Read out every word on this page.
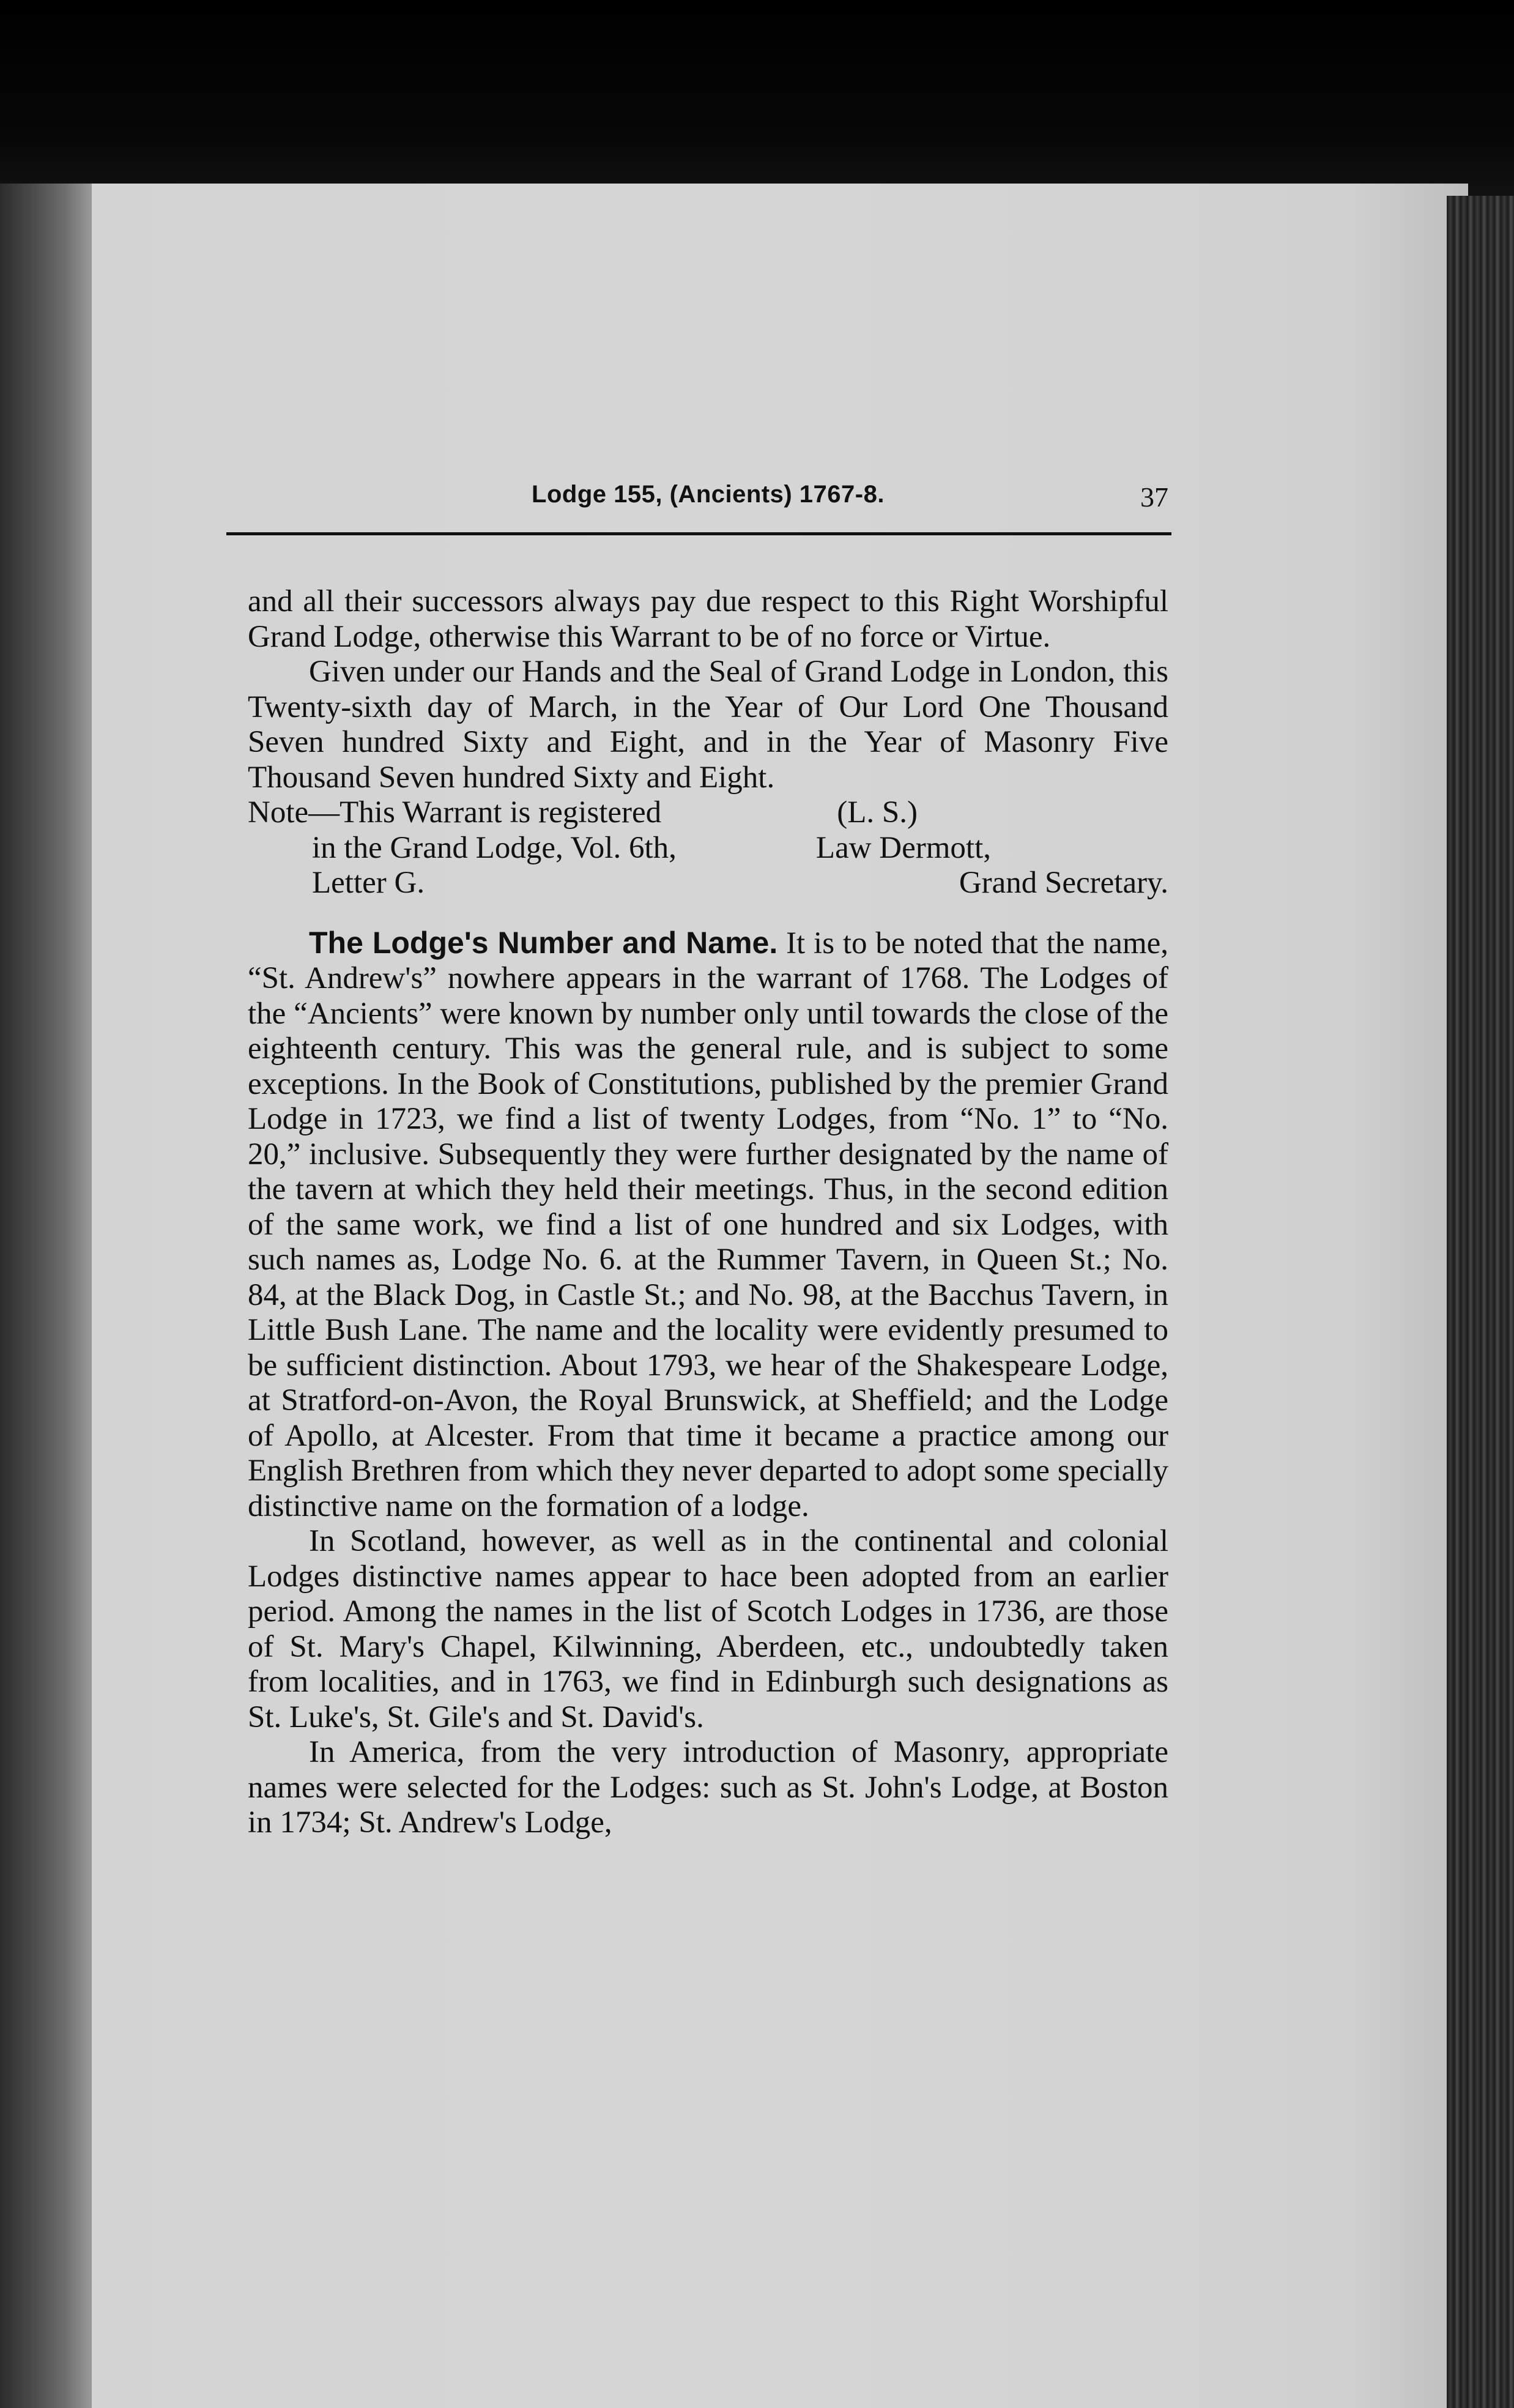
Lodge 155, (Ancients) 1767-8.	37

and all their successors always pay due respect to this Right Worshipful Grand Lodge, otherwise this Warrant to be of no force or Virtue.

Given under our Hands and the Seal of Grand Lodge in London, this Twenty-sixth day of March, in the Year of Our Lord One Thousand Seven hundred Sixty and Eight, and in the Year of Masonry Five Thousand Seven hundred Sixty and Eight.

Note—This Warrant is registered	(L. S.)
in the Grand Lodge, Vol. 6th,	Law Dermott,
Letter G.	Grand Secretary.

The Lodge's Number and Name. It is to be noted that the name, “St. Andrew's” nowhere appears in the warrant of 1768. The Lodges of the “Ancients” were known by number only until towards the close of the eighteenth century. This was the general rule, and is subject to some exceptions. In the Book of Constitutions, published by the premier Grand Lodge in 1723, we find a list of twenty Lodges, from “No. 1” to “No. 20,” inclusive. Subsequently they were further designated by the name of the tavern at which they held their meetings. Thus, in the second edition of the same work, we find a list of one hundred and six Lodges, with such names as, Lodge No. 6. at the Rummer Tavern, in Queen St.; No. 84, at the Black Dog, in Castle St.; and No. 98, at the Bacchus Tavern, in Little Bush Lane. The name and the locality were evidently presumed to be sufficient distinction. About 1793, we hear of the Shakespeare Lodge, at Stratford-on-Avon, the Royal Brunswick, at Sheffield; and the Lodge of Apollo, at Alcester. From that time it became a practice among our English Brethren from which they never departed to adopt some specially distinctive name on the formation of a lodge.

In Scotland, however, as well as in the continental and colonial Lodges distinctive names appear to hace been adopted from an earlier period. Among the names in the list of Scotch Lodges in 1736, are those of St. Mary's Chapel, Kilwinning, Aberdeen, etc., undoubtedly taken from localities, and in 1763, we find in Edinburgh such designations as St. Luke's, St. Gile's and St. David's.

In America, from the very introduction of Masonry, appropriate names were selected for the Lodges: such as St. John's Lodge, at Boston in 1734; St. Andrew's Lodge,
